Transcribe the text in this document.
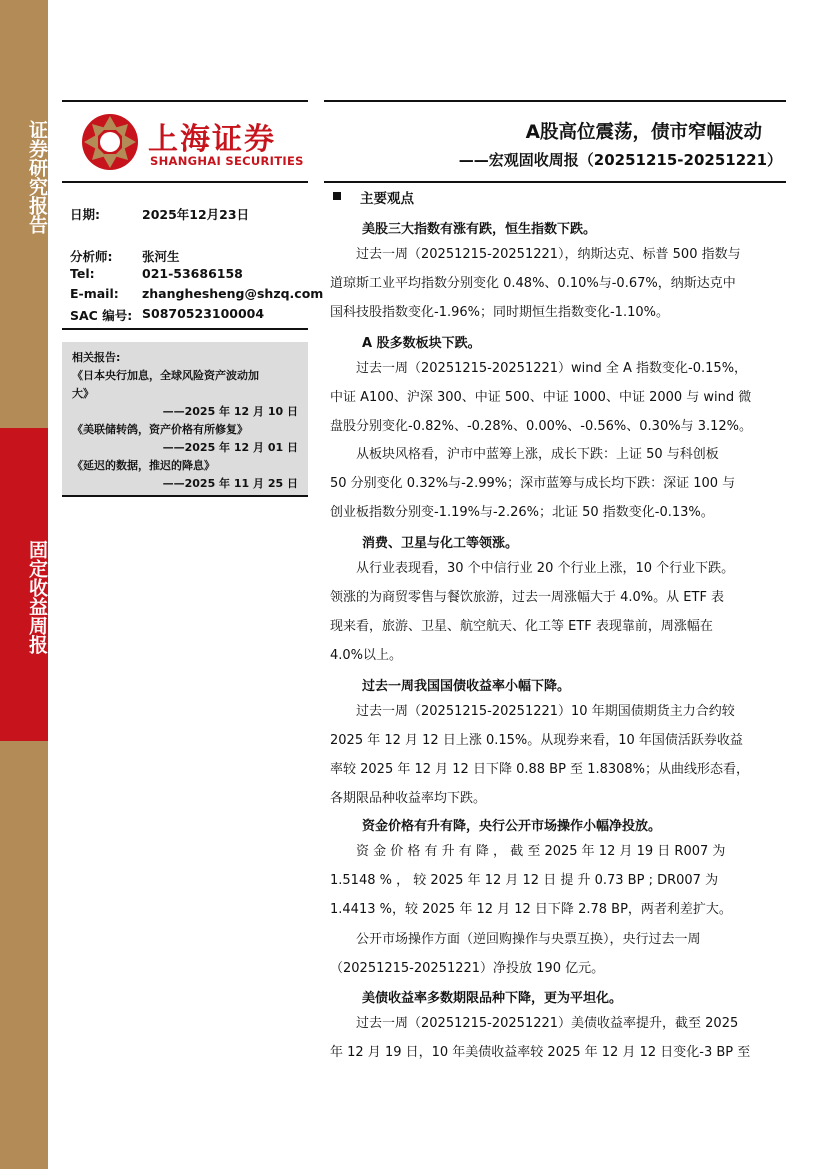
证券研究报告
固定收益周报
上海证券
SHANGHAI SECURITIES
A股高位震荡，债市窄幅波动
——宏观固收周报（20251215-20251221）
日期:	2025年12月23日
分析师: 张河生
Tel:	021-53686158
E-mail: zhanghesheng@shzq.com
SAC 编号: S0870523100004
相关报告:
《日本央行加息，全球风险资产波动加
大》
——2025 年 12 月 10 日
《美联储转鸽，资产价格有所修复》
——2025 年 12 月 01 日
《延迟的数据，推迟的降息》
——2025 年 11 月 25 日
主要观点
美股三大指数有涨有跌，恒生指数下跌。
　　过去一周（20251215-20251221），纳斯达克、标普 500 指数与
道琼斯工业平均指数分别变化 0.48%、0.10%与-0.67%，纳斯达克中
国科技股指数变化-1.96%；同时期恒生指数变化-1.10%。
A 股多数板块下跌。
　　过去一周（20251215-20251221）wind 全 A 指数变化-0.15%，
中证 A100、沪深 300、中证 500、中证 1000、中证 2000 与 wind 微
盘股分别变化-0.82%、-0.28%、0.00%、-0.56%、0.30%与 3.12%。
　　从板块风格看，沪市中蓝筹上涨，成长下跌：上证 50 与科创板
50 分别变化 0.32%与-2.99%；深市蓝筹与成长均下跌：深证 100 与
创业板指数分别变-1.19%与-2.26%；北证 50 指数变化-0.13%。
消费、卫星与化工等领涨。
　　从行业表现看，30 个中信行业 20 个行业上涨，10 个行业下跌。
领涨的为商贸零售与餐饮旅游，过去一周涨幅大于 4.0%。从 ETF 表
现来看，旅游、卫星、航空航天、化工等 ETF 表现靠前，周涨幅在
4.0%以上。
过去一周我国国债收益率小幅下降。
　　过去一周（20251215-20251221）10 年期国债期货主力合约较
2025 年 12 月 12 日上涨 0.15%。从现券来看，10 年国债活跃券收益
率较 2025 年 12 月 12 日下降 0.88 BP 至 1.8308%；从曲线形态看，
各期限品种收益率均下跌。
资金价格有升有降，央行公开市场操作小幅净投放。
　　资 金 价 格 有 升 有 降 ， 截 至 2025 年 12 月 19 日 R007 为
1.5148 % ， 较 2025 年 12 月 12 日 提 升 0.73 BP ; DR007 为
1.4413 %，较 2025 年 12 月 12 日下降 2.78 BP，两者利差扩大。
　　公开市场操作方面（逆回购操作与央票互换），央行过去一周
（20251215-20251221）净投放 190 亿元。
美债收益率多数期限品种下降，更为平坦化。
　　过去一周（20251215-20251221）美债收益率提升，截至 2025
年 12 月 19 日，10 年美债收益率较 2025 年 12 月 12 日变化-3 BP 至
